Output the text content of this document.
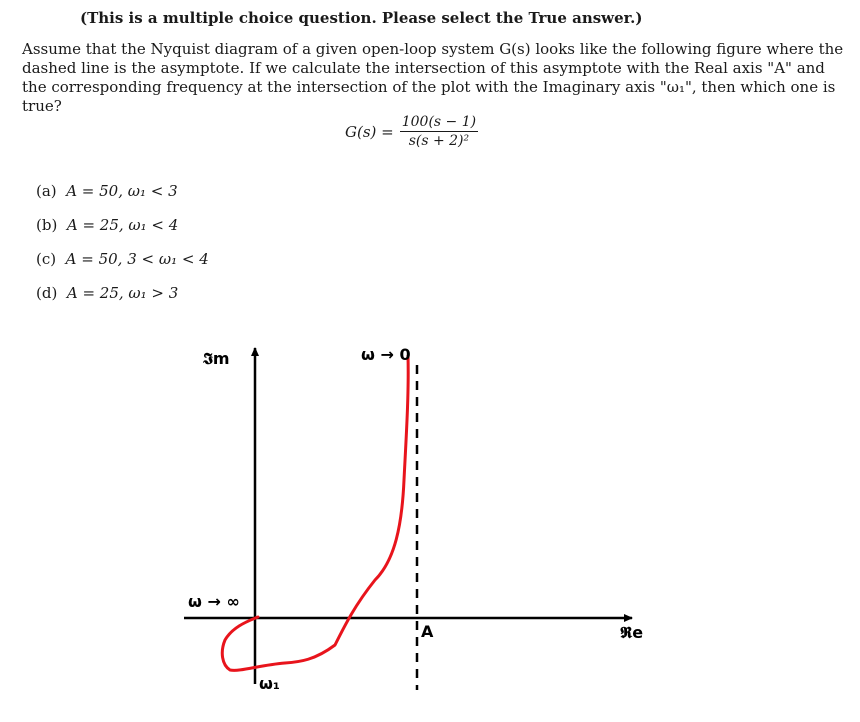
(This is a multiple choice question. Please select the True answer.)

Assume that the Nyquist diagram of a given open-loop system G(s) looks like the following figure where the

dashed line is the asymptote. If we calculate the intersection of this asymptote with the Real axis "A" and

the corresponding frequency at the intersection of the plot with the Imaginary axis "ω₁", then which one is

true?

$G(s) = \frac{100(s - 1)}{\text{s(s + 2)²}}$
(a) A = 50, ω₁ < 3
(b) A = 25, ω₁ < 4
(c) A = 50, 3 < ω₁ < 4
(d) A = 25, ω₁ > 3
𝕴m
𝕽e
ω → 0
ω → ∞
ω₁
A
